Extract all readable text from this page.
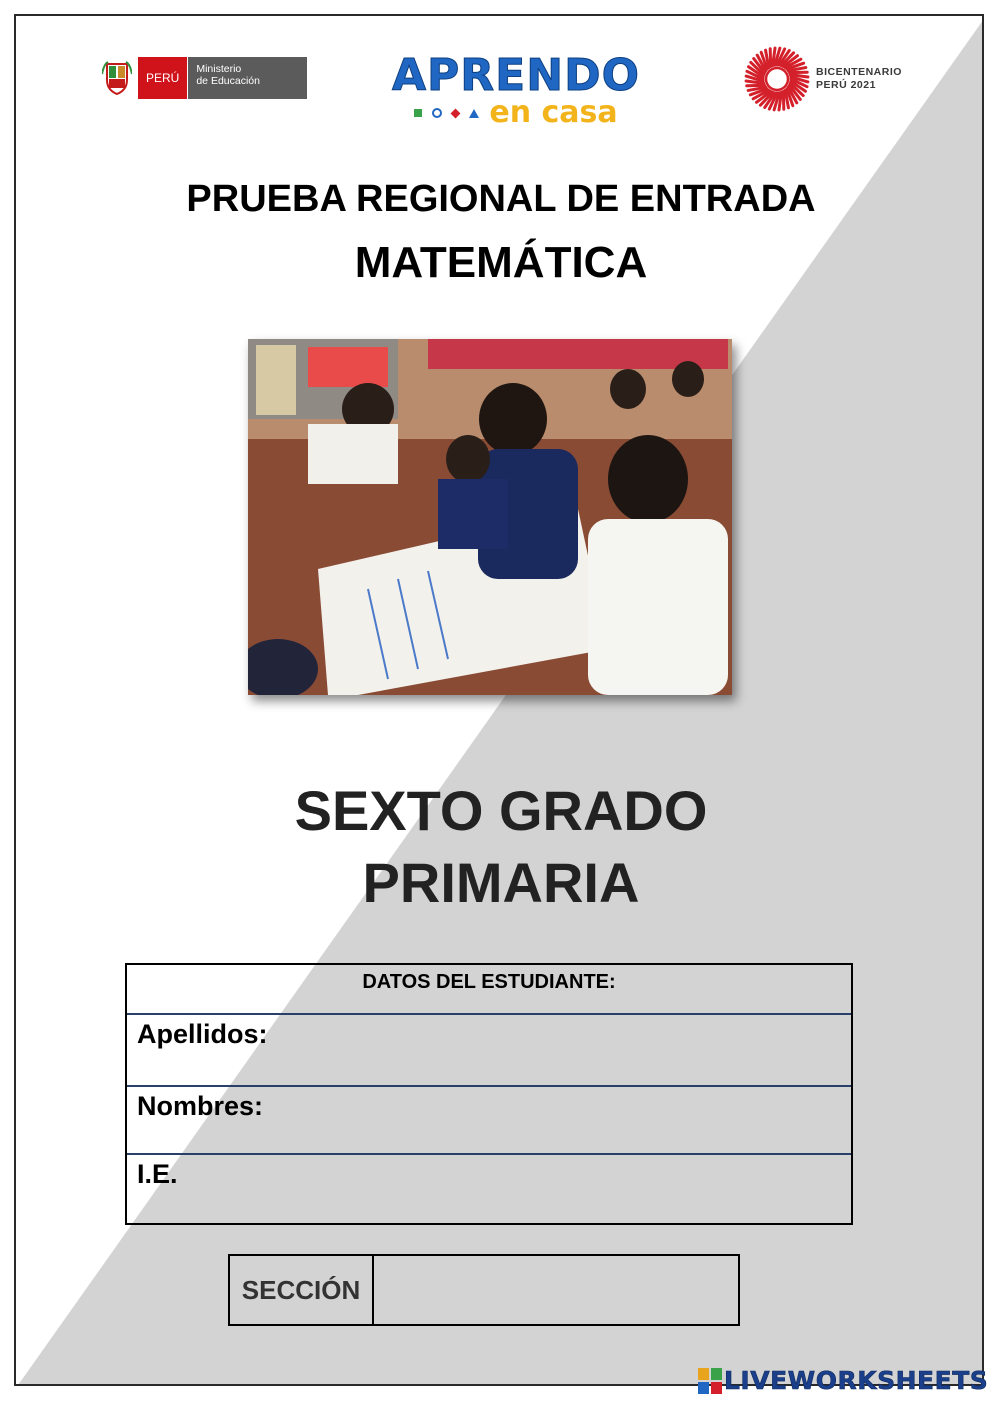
PERÚ
Ministerio
de Educación	APRENDO
en casa
BICENTENARIO
PERÚ 2021
PRUEBA REGIONAL DE ENTRADA
MATEMÁTICA
SEXTO GRADO
PRIMARIA
DATOS DEL ESTUDIANTE:
Apellidos:
Nombres:
I.E.
SECCIÓN
LIVEWORKSHEETS
